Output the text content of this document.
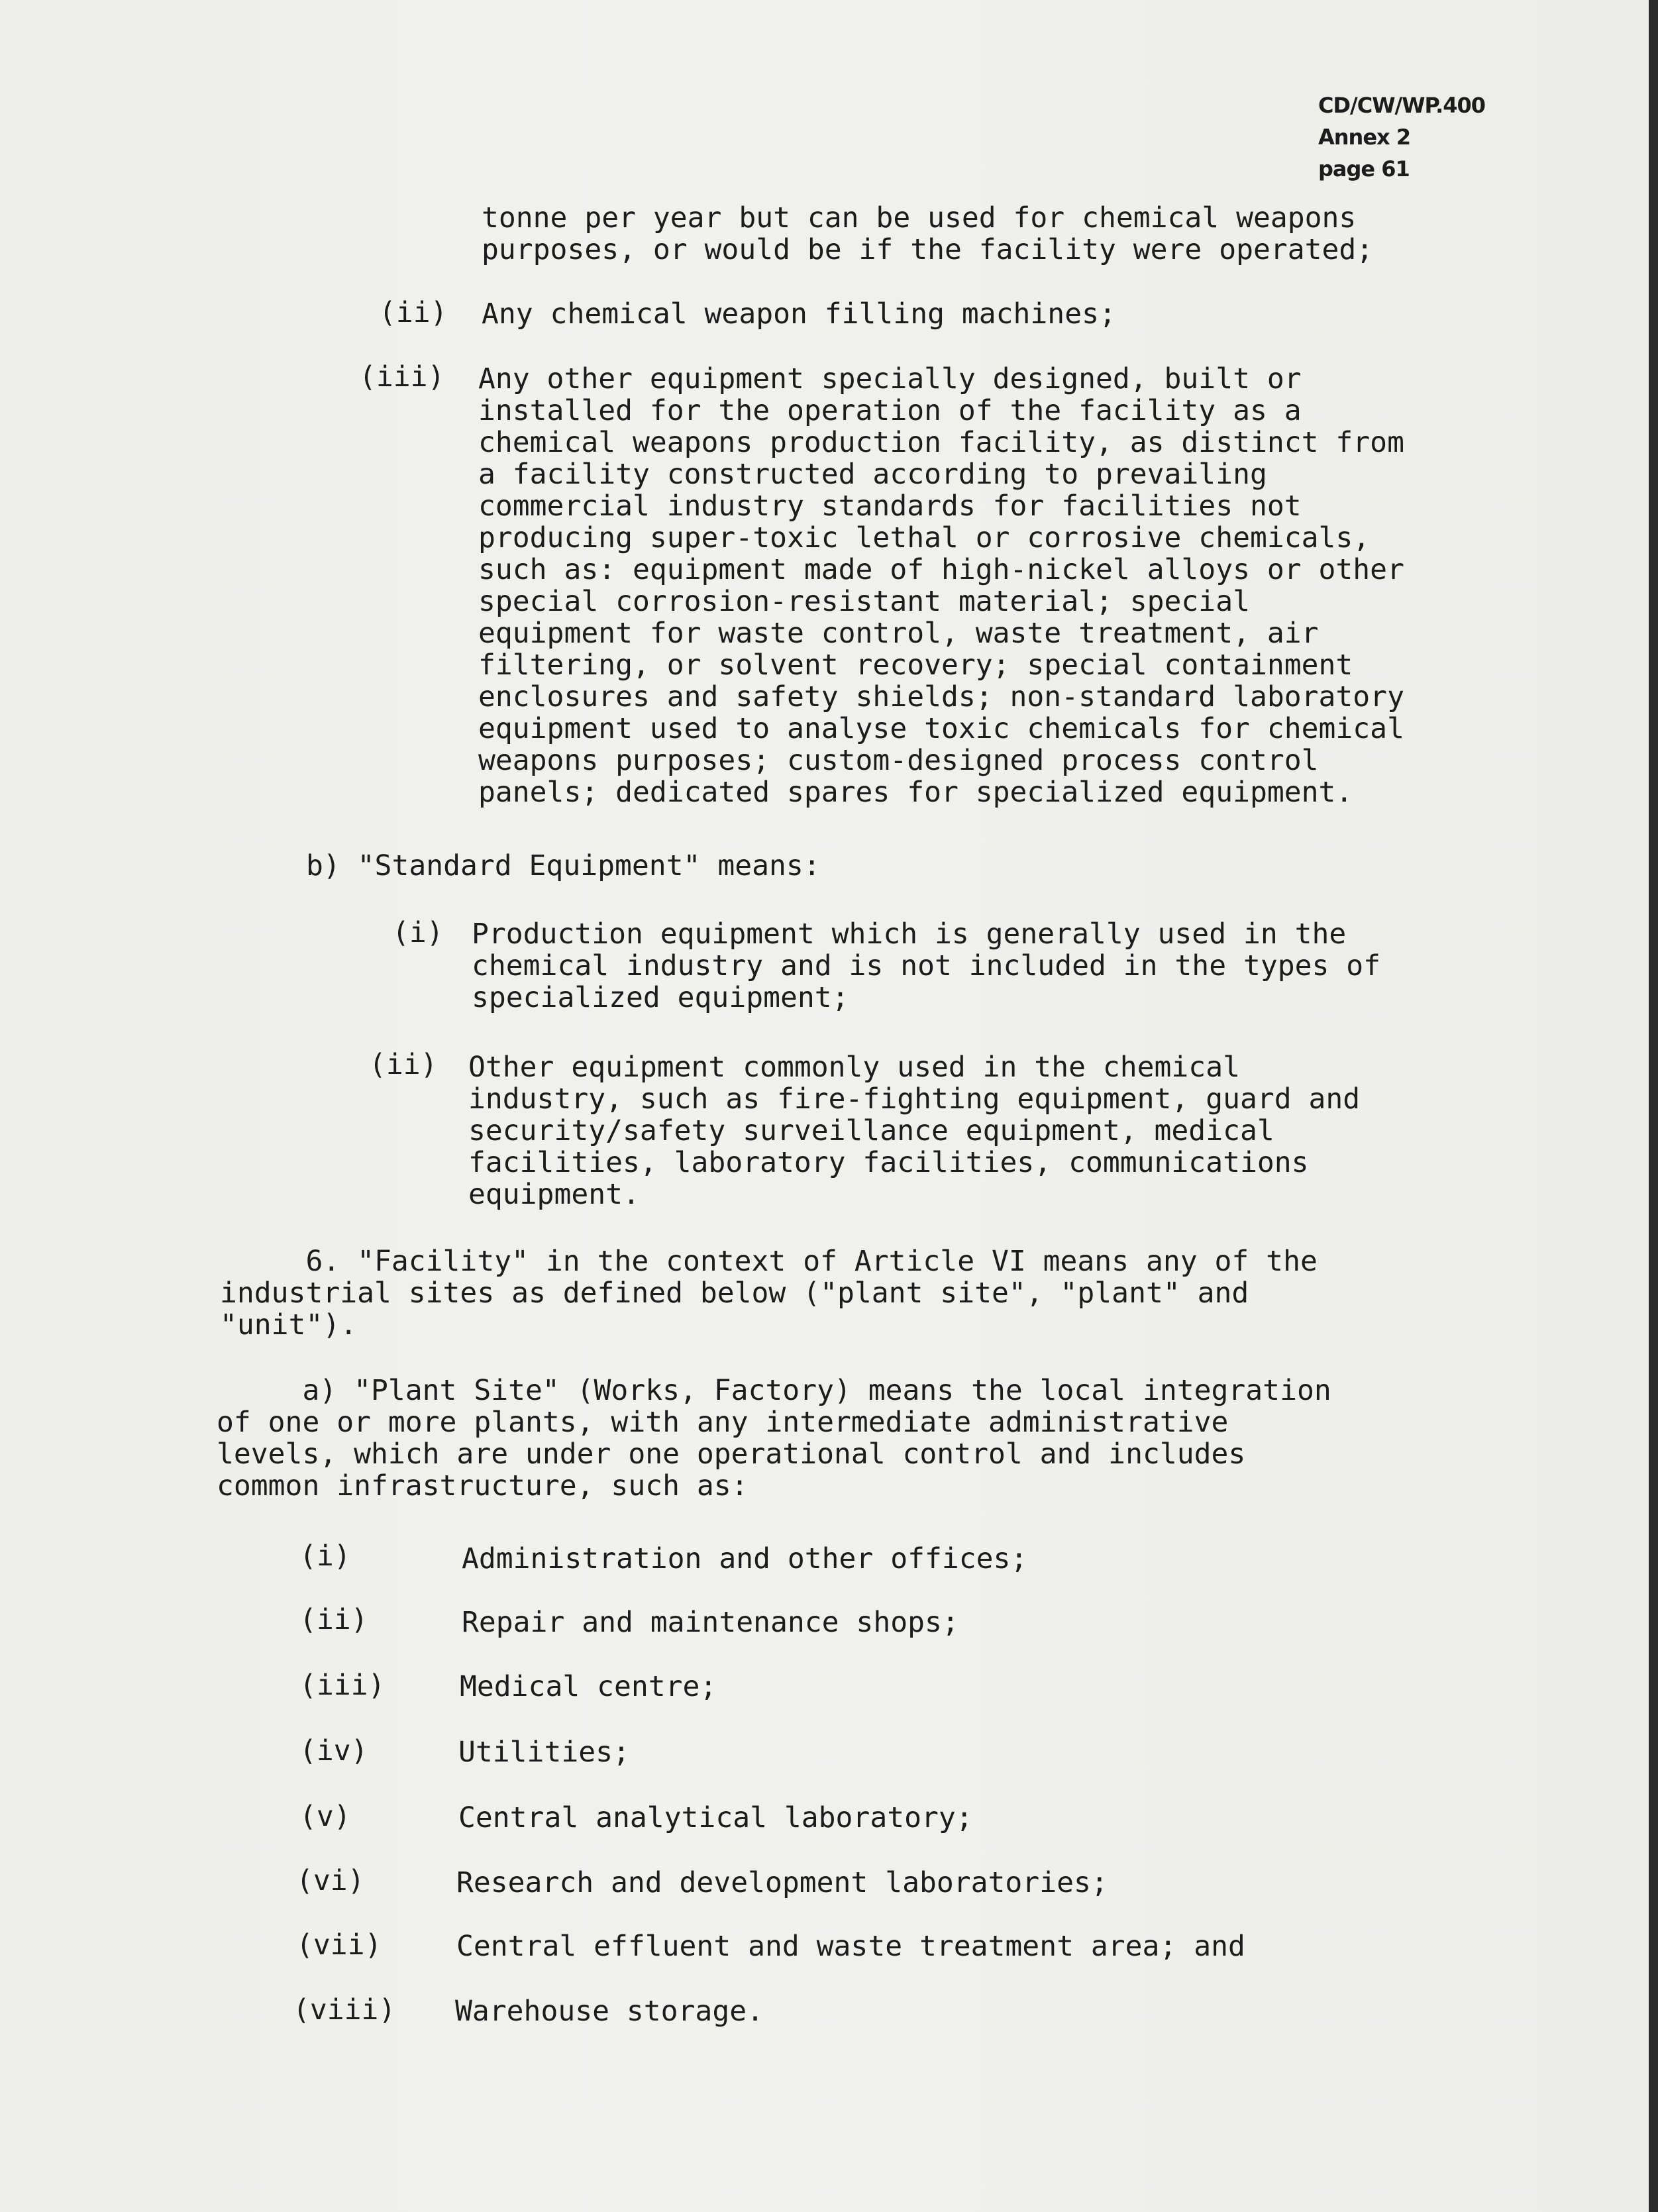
CD/CW/WP.400
Annex 2
page 61
tonne per year but can be used for chemical weapons
purposes, or would be if the facility were operated;
(ii) Any chemical weapon filling machines;
(iii) Any other equipment specially designed, built or
installed for the operation of the facility as a
chemical weapons production facility, as distinct from
a facility constructed according to prevailing
commercial industry standards for facilities not
producing super-toxic lethal or corrosive chemicals,
such as: equipment made of high-nickel alloys or other
special corrosion-resistant material; special
equipment for waste control, waste treatment, air
filtering, or solvent recovery; special containment
enclosures and safety shields; non-standard laboratory
equipment used to analyse toxic chemicals for chemical
weapons purposes; custom-designed process control
panels; dedicated spares for specialized equipment.
b) "Standard Equipment" means:
(i) Production equipment which is generally used in the
chemical industry and is not included in the types of
specialized equipment;
(ii) Other equipment commonly used in the chemical
industry, such as fire-fighting equipment, guard and
security/safety surveillance equipment, medical
facilities, laboratory facilities, communications
equipment.
6. "Facility" in the context of Article VI means any of the
industrial sites as defined below ("plant site", "plant" and
"unit").
a) "Plant Site" (Works, Factory) means the local integration
of one or more plants, with any intermediate administrative
levels, which are under one operational control and includes
common infrastructure, such as:
(i)	Administration and other offices;
(ii)	Repair and maintenance shops;
(iii)	Medical centre;
(iv)	Utilities;
(v)	Central analytical laboratory;
(vi)	Research and development laboratories;
(vii)	Central effluent and waste treatment area; and
(viii) Warehouse storage.
